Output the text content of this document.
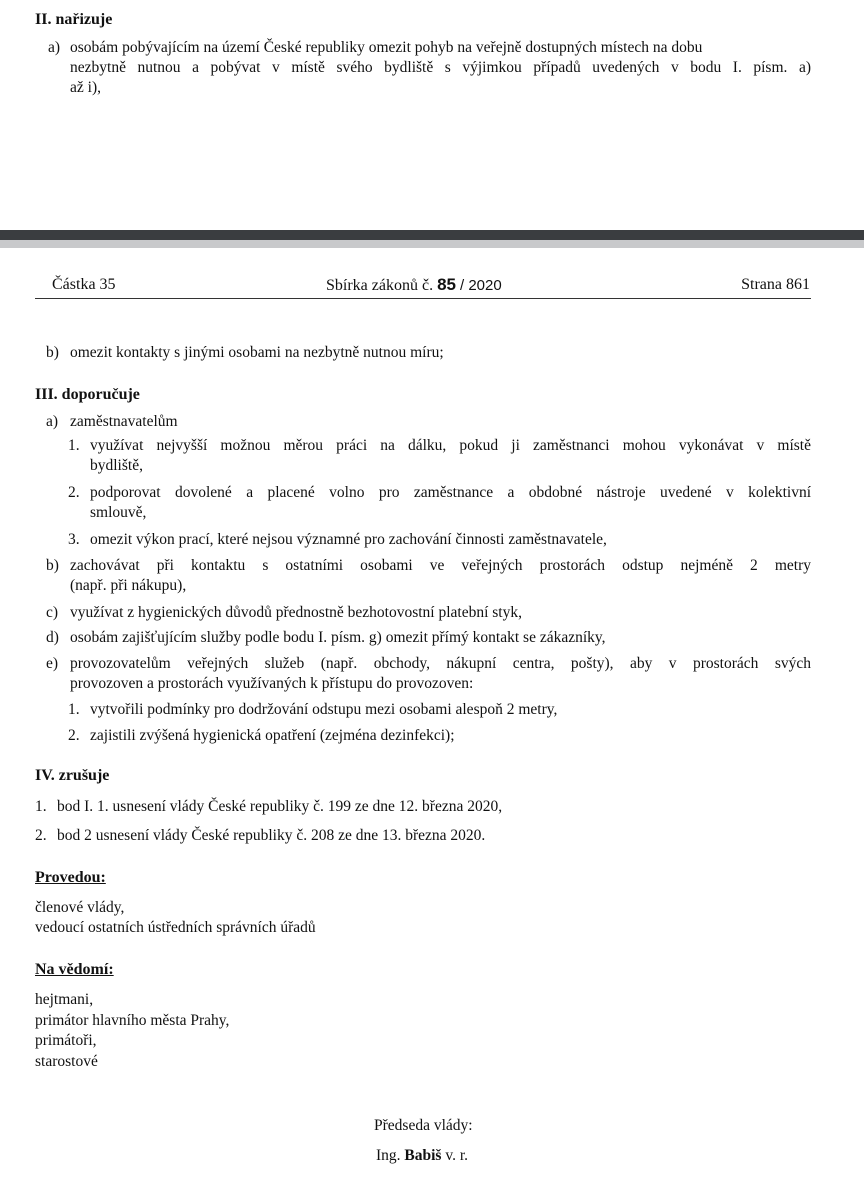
II. nařizuje
a) osobám pobývajícím na území České republiky omezit pohyb na veřejně dostupných místech na dobu
nezbytně nutnou a pobývat v místě svého bydliště s výjimkou případů uvedených v bodu I. písm. a)
až i),
Částka 35	Sbírka zákonů č. 85 / 2020	Strana 861
b) omezit kontakty s jinými osobami na nezbytně nutnou míru;
III. doporučuje
a) zaměstnavatelům
1. využívat nejvyšší možnou měrou práci na dálku, pokud ji zaměstnanci mohou vykonávat v místě
bydliště,
2. podporovat dovolené a placené volno pro zaměstnance a obdobné nástroje uvedené v kolektivní
smlouvě,
3. omezit výkon prací, které nejsou významné pro zachování činnosti zaměstnavatele,
b) zachovávat při kontaktu s ostatními osobami ve veřejných prostorách odstup nejméně 2 metry
(např. při nákupu),
c) využívat z hygienických důvodů přednostně bezhotovostní platební styk,
d) osobám zajišťujícím služby podle bodu I. písm. g) omezit přímý kontakt se zákazníky,
e) provozovatelům veřejných služeb (např. obchody, nákupní centra, pošty), aby v prostorách svých
provozoven a prostorách využívaných k přístupu do provozoven:
1. vytvořili podmínky pro dodržování odstupu mezi osobami alespoň 2 metry,
2. zajistili zvýšená hygienická opatření (zejména dezinfekci);
IV. zrušuje
1. bod I. 1. usnesení vlády České republiky č. 199 ze dne 12. března 2020,
2. bod 2 usnesení vlády České republiky č. 208 ze dne 13. března 2020.
Provedou:
členové vlády,
vedoucí ostatních ústředních správních úřadů
Na vědomí:
hejtmani,
primátor hlavního města Prahy,
primátoři,
starostové
Předseda vlády:
Ing. Babiš v. r.
